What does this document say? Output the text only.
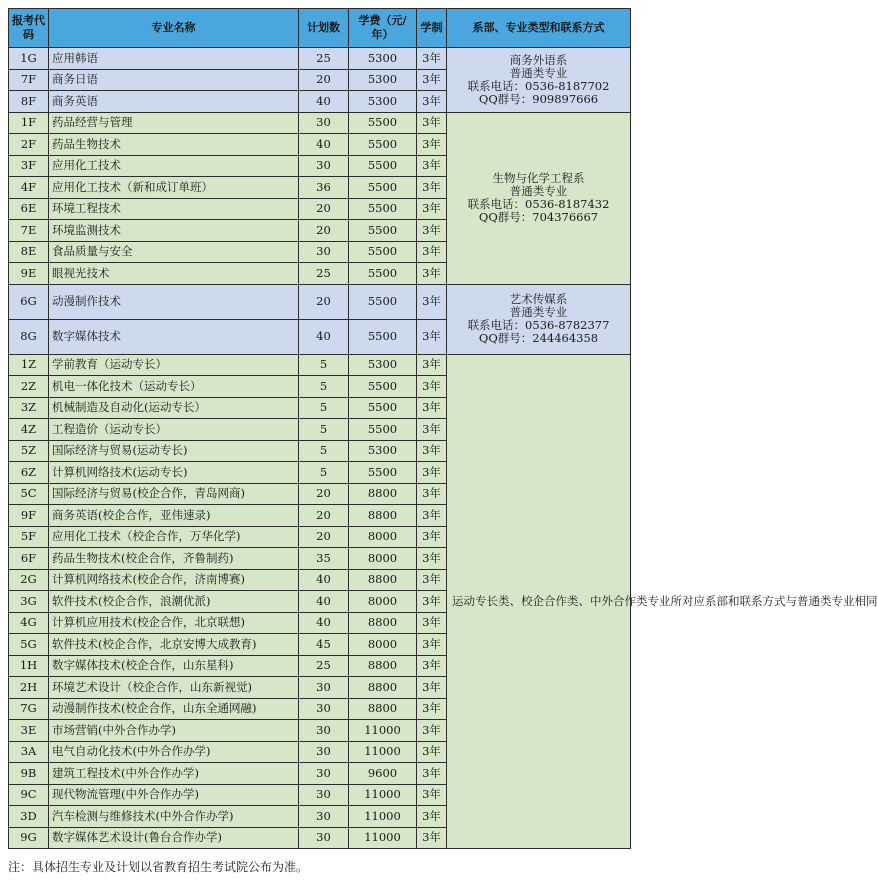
报考代码	专业名称	计划数	学费（元/年）	学制	系部、专业类型和联系方式
1G	应用韩语	25	5300	3年	商务外语系
普通类专业
联系电话：0536-8187702
QQ群号：909897666

7F	商务日语	20	5300	3年	
8F	商务英语	40	5300	3年	
1F	药品经营与管理	30	5500	3年	生物与化学工程系
普通类专业
联系电话：0536-8187432
QQ群号：704376667

2F	药品生物技术	40	5500	3年	
3F	应用化工技术	30	5500	3年	
4F	应用化工技术（新和成订单班）	36	5500	3年	
6E	环境工程技术	20	5500	3年	
7E	环境监测技术	20	5500	3年	
8E	食品质量与安全	30	5500	3年	
9E	眼视光技术	25	5500	3年	
6G	动漫制作技术	20	5500	3年	艺术传媒系
普通类专业
联系电话：0536-8782377
QQ群号：244464358

8G	数字媒体技术	40	5500	3年	
1Z	学前教育（运动专长）	5	5300	3年	运动专长类、校企合作类、中外合作类专业所对应系部和联系方式与普通类专业相同

2Z	机电一体化技术（运动专长）	5	5500	3年	
3Z	机械制造及自动化(运动专长）	5	5500	3年	
4Z	工程造价（运动专长）	5	5500	3年	
5Z	国际经济与贸易(运动专长)	5	5300	3年	
6Z	计算机网络技术(运动专长)	5	5500	3年	
5C	国际经济与贸易(校企合作，青岛网商)	20	8800	3年	
9F	商务英语(校企合作，亚伟速录)	20	8800	3年	
5F	应用化工技术（校企合作，万华化学)	20	8000	3年	
6F	药品生物技术(校企合作，齐鲁制药)	35	8000	3年	
2G	计算机网络技术(校企合作，济南博赛)	40	8800	3年	
3G	软件技术(校企合作，浪潮优派)	40	8000	3年	
4G	计算机应用技术(校企合作，北京联想)	40	8800	3年	
5G	软件技术(校企合作，北京安博大成教育)	45	8000	3年	
1H	数字媒体技术(校企合作，山东星科)	25	8800	3年	
2H	环境艺术设计（校企合作，山东新视觉)	30	8800	3年	
7G	动漫制作技术(校企合作，山东全通网融)	30	8800	3年	
3E	市场营销(中外合作办学)	30	11000	3年	
3A	电气自动化技术(中外合作办学)	30	11000	3年	
9B	建筑工程技术(中外合作办学)	30	9600	3年	
9C	现代物流管理(中外合作办学)	30	11000	3年	
3D	汽车检测与维修技术(中外合作办学)	30	11000	3年	
9G	数字媒体艺术设计(鲁台合作办学)	30	11000	3年	
注：具体招生专业及计划以省教育招生考试院公布为准。
